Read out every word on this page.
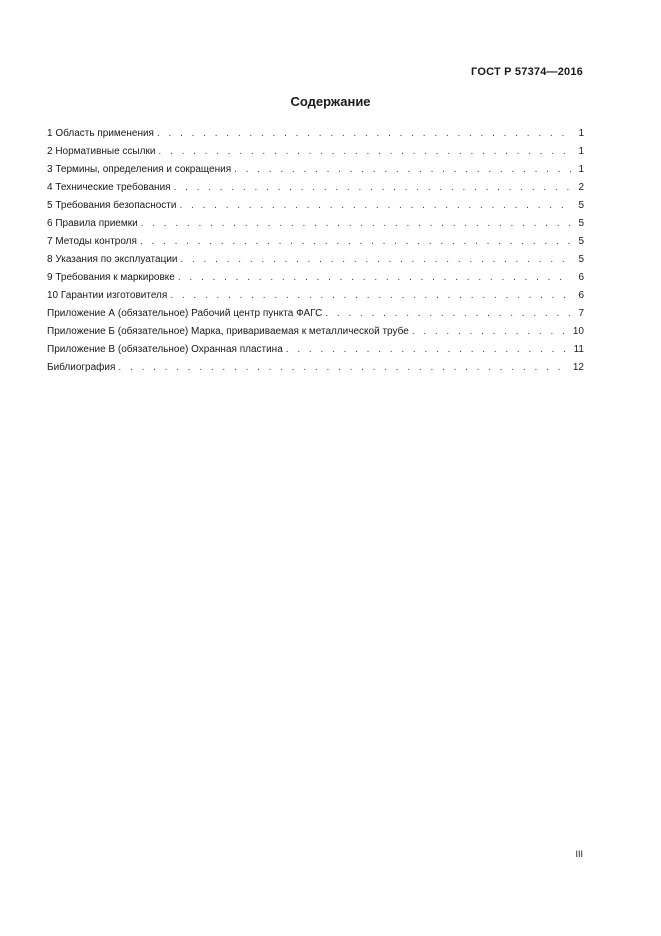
ГОСТ Р 57374—2016
Содержание
1 Область применения . . .	1
2 Нормативные ссылки . . .	1
3 Термины, определения и сокращения . . .	1
4 Технические требования . . .	2
5 Требования безопасности . . .	5
6 Правила приемки . . .	5
7 Методы контроля . . .	5
8 Указания по эксплуатации . . .	5
9 Требования к маркировке . . .	6
10 Гарантии изготовителя . . .	6
Приложение А (обязательное) Рабочий центр пункта ФАГС . . .	7
Приложение Б (обязательное) Марка, привариваемая к металлической трубе . . .	10
Приложение В (обязательное) Охранная пластина . . .	11
Библиография . . .	12
III
